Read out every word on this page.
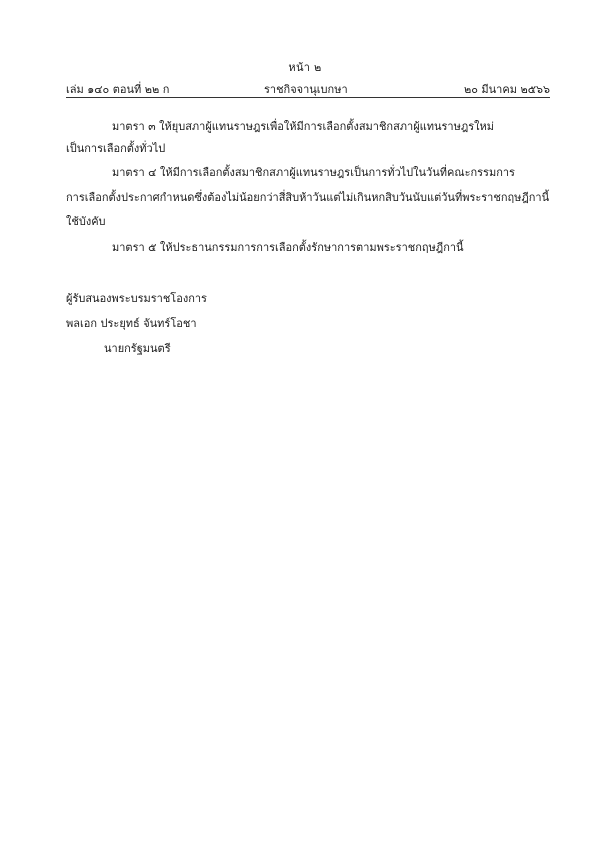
หน้า ๒
เล่ม ๑๔๐ ตอนที่ ๒๒ ก	ราชกิจจานุเบกษา	๒๐ มีนาคม ๒๕๖๖
มาตรา ๓ ให้ยุบสภาผู้แทนราษฎรเพื่อให้มีการเลือกตั้งสมาชิกสภาผู้แทนราษฎรใหม่
เป็นการเลือกตั้งทั่วไป
มาตรา ๔ ให้มีการเลือกตั้งสมาชิกสภาผู้แทนราษฎรเป็นการทั่วไปในวันที่คณะกรรมการ
การเลือกตั้งประกาศกำหนดซึ่งต้องไม่น้อยกว่าสี่สิบห้าวันแต่ไม่เกินหกสิบวันนับแต่วันที่พระราชกฤษฎีกานี้
ใช้บังคับ
มาตรา ๕ ให้ประธานกรรมการการเลือกตั้งรักษาการตามพระราชกฤษฎีกานี้
ผู้รับสนองพระบรมราชโองการ
พลเอก ประยุทธ์ จันทร์โอชา
นายกรัฐมนตรี
